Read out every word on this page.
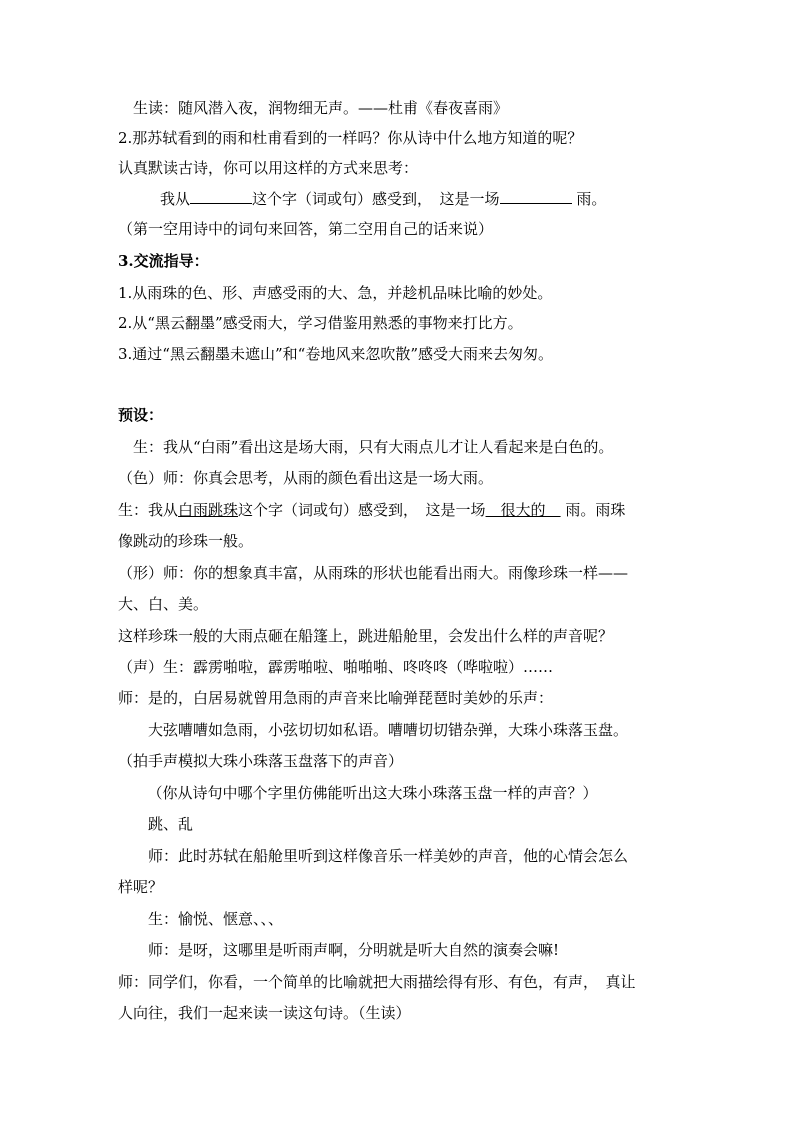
　生读：随风潜入夜，润物细无声。——杜甫《春夜喜雨》
2.那苏轼看到的雨和杜甫看到的一样吗？你从诗中什么地方知道的呢？
认真默读古诗，你可以用这样的方式来思考：
我从	这个字（词或句）感受到，　这是一场	雨。
（第一空用诗中的词句来回答，第二空用自己的话来说）
3.交流指导：
1.从雨珠的色、形、声感受雨的大、急，并趁机品味比喻的妙处。
2.从“黑云翻墨”感受雨大，学习借鉴用熟悉的事物来打比方。
3.通过“黑云翻墨未遮山”和“卷地风来忽吹散”感受大雨来去匆匆。
预设：
　生：我从“白雨”看出这是场大雨，只有大雨点儿才让人看起来是白色的。
（色）师：你真会思考，从雨的颜色看出这是一场大雨。
生：我从白雨跳珠这个字（词或句）感受到，　这是一场　很大的　 雨。雨珠
像跳动的珍珠一般。
（形）师：你的想象真丰富，从雨珠的形状也能看出雨大。雨像珍珠一样——
大、白、美。
这样珍珠一般的大雨点砸在船篷上，跳进船舱里，会发出什么样的声音呢？
（声）生：霹雳啪啦，霹雳啪啦、啪啪啪、咚咚咚（哗啦啦）……
师：是的，白居易就曾用急雨的声音来比喻弹琵琶时美妙的乐声：
　　大弦嘈嘈如急雨，小弦切切如私语。嘈嘈切切错杂弹，大珠小珠落玉盘。
（拍手声模拟大珠小珠落玉盘落下的声音）
　（你从诗句中哪个字里仿佛能听出这大珠小珠落玉盘一样的声音？）
　　跳、乱
　　师：此时苏轼在船舱里听到这样像音乐一样美妙的声音，他的心情会怎么
样呢？
　　生：愉悦、惬意、、、
　　师：是呀，这哪里是听雨声啊，分明就是听大自然的演奏会嘛!
师：同学们，你看，一个简单的比喻就把大雨描绘得有形、有色，有声，　真让
人向往，我们一起来读一读这句诗。（生读）
